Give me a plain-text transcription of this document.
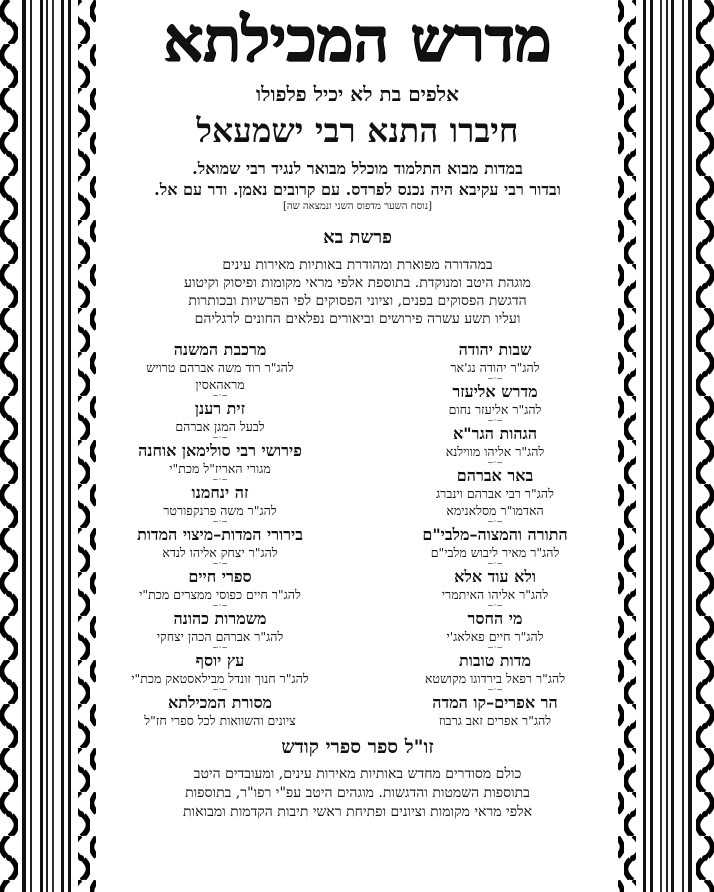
מדרש המכילתא
אלפים בת לא יכיל פלפולו
חיברו התנא רבי ישמעאל
במדות מבוא התלמוד מוכלל מבואר לנגיד רבי שמואל.
ובדור רבי עקיבא היה נכנס לפרדס. עם קרובים נאמן. ודר עם אל.
[נוסח השער מדפוס השני ונמצאה שה]
פרשת בא
במהדורה מפוארת ומהודרת באותיות מאירות עינים
מוגהת היטב ומנוקדת. בתוספת אלפי מראי מקומות ופיסוק וקיטוע
הדגשת הפסוקים בפנים, וציוני הפסוקים לפי הפרשיות ובכותרות
ועליו תשע עשרה פירושים וביאורים נפלאים החונים לרגליהם
שבות יהודה

להג"ר יהודה נג'אר

~·~
מדרש אליעזר

להג"ר אליעזר נחום

~·~
הגהות הגר"א

להג"ר אליהו מווילנא

~·~
באר אברהם

להג"ר רבי אברהם וינברג

האדמו"ר מסלאנימא

~·~
התורה והמצוה–מלבי"ם

להג"ר מאיר ליבוש מלבי"ם

~·~
ולא עוד אלא

להג"ר אליהו האיתמרי

~·~
מי החסר

להג"ר חיים פאלאג'י

~·~
מדות טובות

להג"ר רפאל בירדוגו מקושטא

~·~
הר אפרים–קו המדה

להג"ר אפרים זאב גרבוז

מרכבת המשנה

להג"ר רוד משה אברהם טרויש

מראהאסין

~·~
זית רענן

לבעל המגן אברהם

~·~
פירושי רבי סולימאן אוחנה

מגורי האריז"ל מכת"י

~·~
זה ינחמנו

להג"ר משה פרנקפורטר

~·~
בירורי המדות–מיצוי המדות

להג"ר יצחק אליהו לנדא

~·~
ספרי חיים

להג"ר חיים כפוסי ממצרים מכת"י

~·~
משמרות כהונה

להג"ר אברהם הכהן יצחקי

~·~
עץ יוסף

להג"ר חנוך זונדל מבילאסטאק מכת"י

~·~
מסורת המכילתא

ציונים והשוואות לכל ספרי חז"ל

זו"ל ספר ספרי קודש
כולם מסודרים מחדש באותיות מאירות עינים, ומעובדים היטב
בתוספות השמטות והדגשות. מוגהים היטב עפ"י רפו"ר, בתוספות
אלפי מראי מקומות וציונים ופתיחת ראשי תיבות הקדמות ומבואות
